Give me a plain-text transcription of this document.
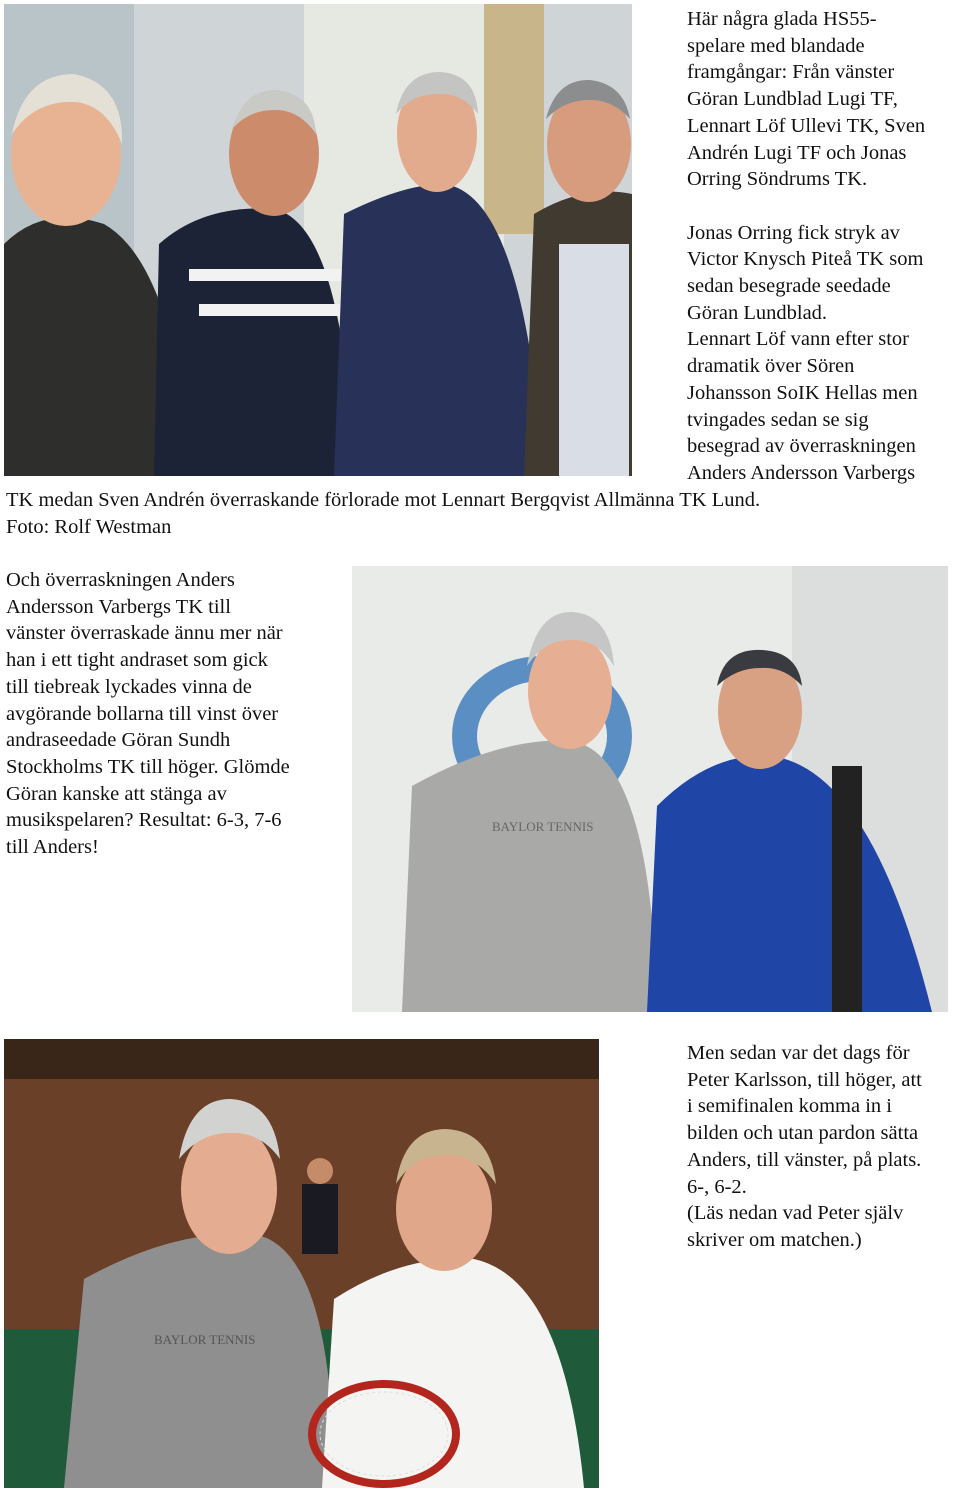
Här några glada HS55-
spelare med blandade
framgångar: Från vänster
Göran Lundblad Lugi TF,
Lennart Löf Ullevi TK, Sven
Andrén Lugi TF och Jonas
Orring Söndrums TK.
Jonas Orring fick stryk av
Victor Knysch Piteå TK som
sedan besegrade seedade
Göran Lundblad.
Lennart Löf vann efter stor
dramatik över Sören
Johansson SoIK Hellas men
tvingades sedan se sig
besegrad av överraskningen
Anders Andersson Varbergs
TK medan Sven Andrén överraskande förlorade mot Lennart Bergqvist Allmänna TK Lund.
Foto: Rolf Westman
Och överraskningen Anders
Andersson Varbergs TK till
vänster överraskade ännu mer när
han i ett tight andraset som gick
till tiebreak lyckades vinna de
avgörande bollarna till vinst över
andraseedade Göran Sundh
Stockholms TK till höger. Glömde
Göran kanske att stänga av
musikspelaren? Resultat: 6-3, 7-6
till Anders!
BAYLOR TENNIS
BAYLOR TENNIS
Men sedan var det dags för
Peter Karlsson, till höger, att
i semifinalen komma in i
bilden och utan pardon sätta
Anders, till vänster, på plats.
6-, 6-2.
(Läs nedan vad Peter själv
skriver om matchen.)
